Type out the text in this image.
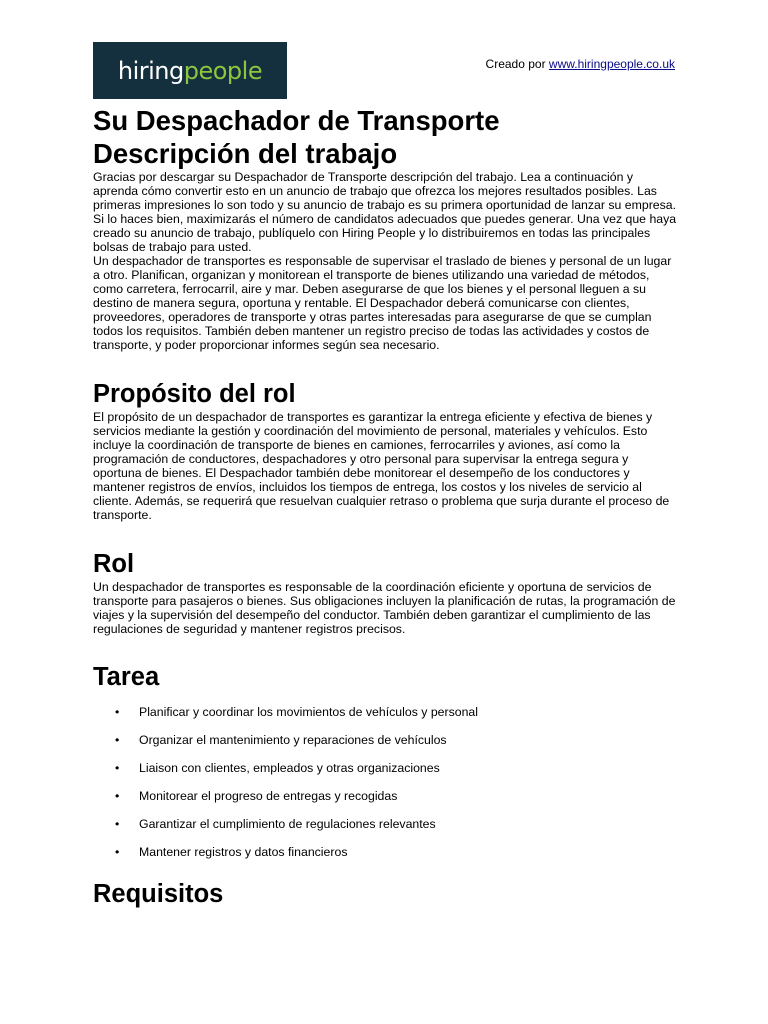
hiring people	Creado por www.hiringpeople.co.uk
Su Despachador de Transporte
Descripción del trabajo

Gracias por descargar su Despachador de Transporte descripción del trabajo. Lea a continuación y aprenda cómo convertir esto en un anuncio de trabajo que ofrezca los mejores resultados posibles. Las primeras impresiones lo son todo y su anuncio de trabajo es su primera oportunidad de lanzar su empresa. Si lo haces bien, maximizarás el número de candidatos adecuados que puedes generar. Una vez que haya creado su anuncio de trabajo, publíquelo con Hiring People y lo distribuiremos en todas las principales bolsas de trabajo para usted.

Un despachador de transportes es responsable de supervisar el traslado de bienes y personal de un lugar a otro. Planifican, organizan y monitorean el transporte de bienes utilizando una variedad de métodos, como carretera, ferrocarril, aire y mar. Deben asegurarse de que los bienes y el personal lleguen a su destino de manera segura, oportuna y rentable. El Despachador deberá comunicarse con clientes, proveedores, operadores de transporte y otras partes interesadas para asegurarse de que se cumplan todos los requisitos. También deben mantener un registro preciso de todas las actividades y costos de transporte, y poder proporcionar informes según sea necesario.

Propósito del rol

El propósito de un despachador de transportes es garantizar la entrega eficiente y efectiva de bienes y servicios mediante la gestión y coordinación del movimiento de personal, materiales y vehículos. Esto incluye la coordinación de transporte de bienes en camiones, ferrocarriles y aviones, así como la programación de conductores, despachadores y otro personal para supervisar la entrega segura y oportuna de bienes. El Despachador también debe monitorear el desempeño de los conductores y mantener registros de envíos, incluidos los tiempos de entrega, los costos y los niveles de servicio al cliente. Además, se requerirá que resuelvan cualquier retraso o problema que surja durante el proceso de transporte.

Rol

Un despachador de transportes es responsable de la coordinación eficiente y oportuna de servicios de transporte para pasajeros o bienes. Sus obligaciones incluyen la planificación de rutas, la programación de viajes y la supervisión del desempeño del conductor. También deben garantizar el cumplimiento de las regulaciones de seguridad y mantener registros precisos.

Tarea
• Planificar y coordinar los movimientos de vehículos y personal
• Organizar el mantenimiento y reparaciones de vehículos
• Liaison con clientes, empleados y otras organizaciones
• Monitorear el progreso de entregas y recogidas
• Garantizar el cumplimiento de regulaciones relevantes
• Mantener registros y datos financieros
Requisitos
